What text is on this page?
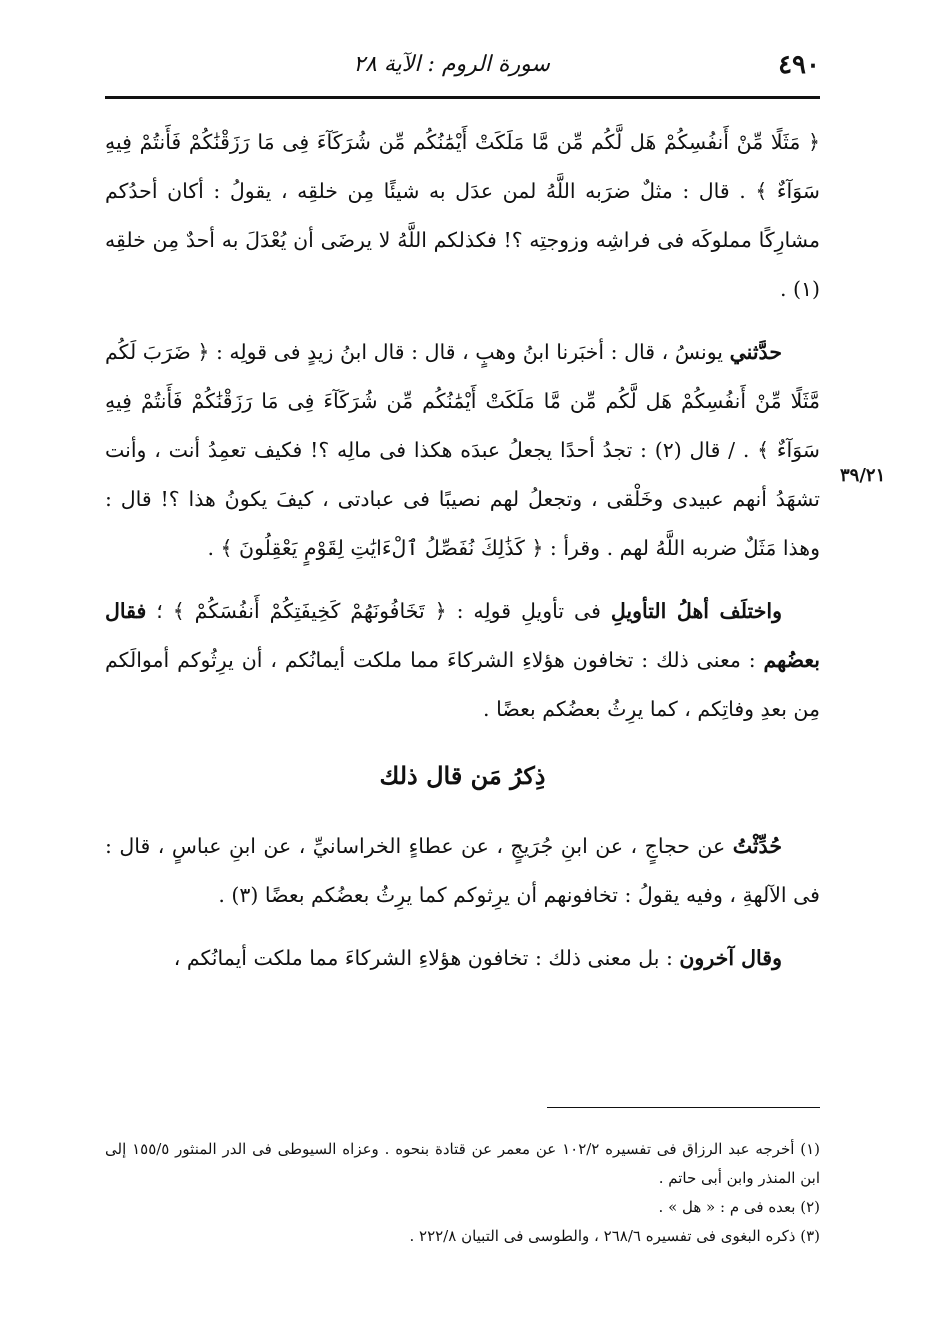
٤٩٠
سورة الروم : الآية ٢٨
٣٩/٢١

﴿ مَثَلًا مِّنْ أَنفُسِكُمْ هَل لَّكُم مِّن مَّا مَلَكَتْ أَيْمَٰنُكُم مِّن شُرَكَآءَ فِى مَا رَزَقْنَٰكُمْ فَأَنتُمْ فِيهِ سَوَآءٌ ﴾ . قال : مثلٌ ضرَبه اللَّهُ لمن عدَل به شيئًا مِن خلقِه ، يقولُ : أكان أحدُكم مشارِكًا مملوكَه فى فراشِه وزوجتِه ؟! فكذلكم اللَّهُ لا يرضَى أن يُعْدَلَ به أحدٌ مِن خلقِه (١) .

حدَّثني يونسُ ، قال : أخبَرنا ابنُ وهبٍ ، قال : قال ابنُ زيدٍ فى قولِه : ﴿ ضَرَبَ لَكُم مَّثَلًا مِّنْ أَنفُسِكُمْ هَل لَّكُم مِّن مَّا مَلَكَتْ أَيْمَٰنُكُم مِّن شُرَكَآءَ فِى مَا رَزَقْنَٰكُمْ فَأَنتُمْ فِيهِ سَوَآءٌ ﴾ . / قال (٢) : تجدُ أحدًا يجعلُ عبدَه هكذا فى مالِه ؟! فكيف تعمِدُ أنت ، وأنت تشهَدُ أنهم عبيدى وخَلْقى ، وتجعلُ لهم نصيبًا فى عبادتى ، كيفَ يكونُ هذا ؟! قال : وهذا مَثَلٌ ضربه اللَّهُ لهم . وقرأ : ﴿ كَذَٰلِكَ نُفَصِّلُ ٱلْءَايَٰتِ لِقَوْمٍ يَعْقِلُونَ ﴾ .

واختلَف أهلُ التأويلِ فى تأويلِ قولِه : ﴿ تَخَافُونَهُمْ كَخِيفَتِكُمْ أَنفُسَكُمْ ﴾ ؛ فقال بعضُهم : معنى ذلك : تخافون هؤلاءِ الشركاءَ مما ملكت أيمانُكم ، أن يرِثُوكم أموالَكم مِن بعدِ وفاتِكم ، كما يرِثُ بعضُكم بعضًا .

ذِكرُ مَن قال ذلك

حُدِّثْتُ عن حجاجٍ ، عن ابنِ جُرَيجٍ ، عن عطاءٍ الخراسانيِّ ، عن ابنِ عباسٍ ، قال : فى الآلهةِ ، وفيه يقولُ : تخافونهم أن يرِثوكم كما يرِثُ بعضُكم بعضًا (٣) .

وقال آخرون : بل معنى ذلك : تخافون هؤلاءِ الشركاءَ مما ملكت أيمانُكم ،

(١) أخرجه عبد الرزاق فى تفسيره ١٠٢/٢ عن معمر عن قتادة بنحوه . وعزاه السيوطى فى الدر المنثور ١٥٥/٥ إلى ابن المنذر وابن أبى حاتم .

(٢) بعده فى م : « هل » .

(٣) ذكره البغوى فى تفسيره ٢٦٨/٦ ، والطوسى فى التبيان ٢٢٢/٨ .
